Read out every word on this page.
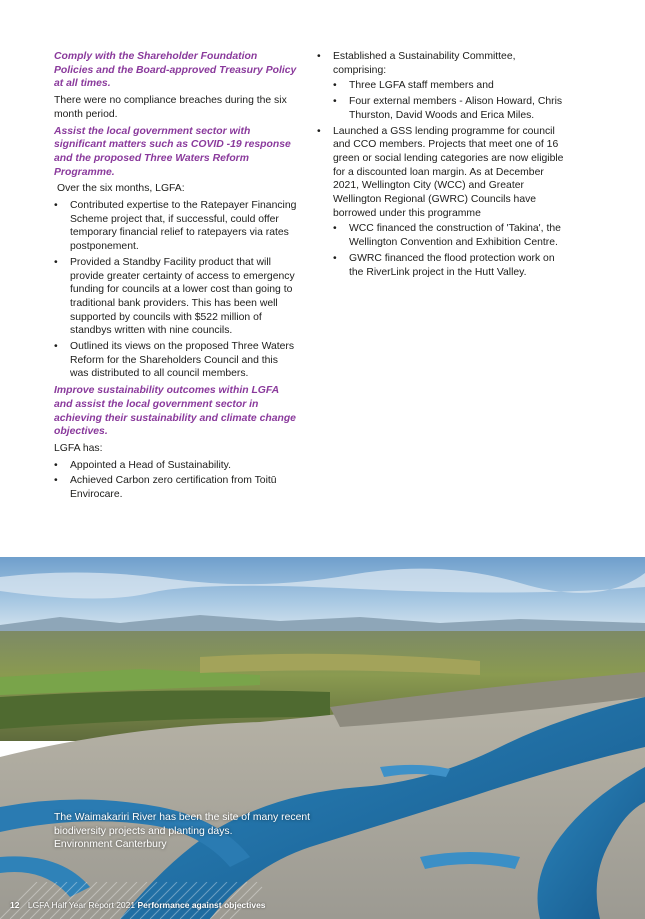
Comply with the Shareholder Foundation Policies and the Board-approved Treasury Policy at all times.

There were no compliance breaches during the six month period.

Assist the local government sector with significant matters such as COVID -19 response and the proposed Three Waters Reform Programme.

Over the six months, LGFA:

• Contributed expertise to the Ratepayer Financing Scheme project that, if successful, could offer temporary financial relief to ratepayers via rates postponement.
• Provided a Standby Facility product that will provide greater certainty of access to emergency funding for councils at a lower cost than going to traditional bank providers. This has been well supported by councils with $522 million of standbys written with nine councils.
• Outlined its views on the proposed Three Waters Reform for the Shareholders Council and this was distributed to all council members.

Improve sustainability outcomes within LGFA and assist the local government sector in achieving their sustainability and climate change objectives.

LGFA has:

• Appointed a Head of Sustainability.
• Achieved Carbon zero certification from Toitū Envirocare.
• Established a Sustainability Committee, comprising:
• Three LGFA staff members and
• Four external members - Alison Howard, Chris Thurston, David Woods and Erica Miles.
• Launched a GSS lending programme for council and CCO members. Projects that meet one of 16 green or social lending categories are now eligible for a discounted loan margin. As at December 2021, Wellington City (WCC) and Greater Wellington Regional (GWRC) Councils have borrowed under this programme
• WCC financed the construction of 'Takina', the Wellington Convention and Exhibition Centre.
• GWRC financed the flood protection work on the RiverLink project in the Hutt Valley.
The Waimakariri River has been the site of many recent biodiversity projects and planting days.
Environment Canterbury
12 LGFA Half Year Report 2021 Performance against objectives
